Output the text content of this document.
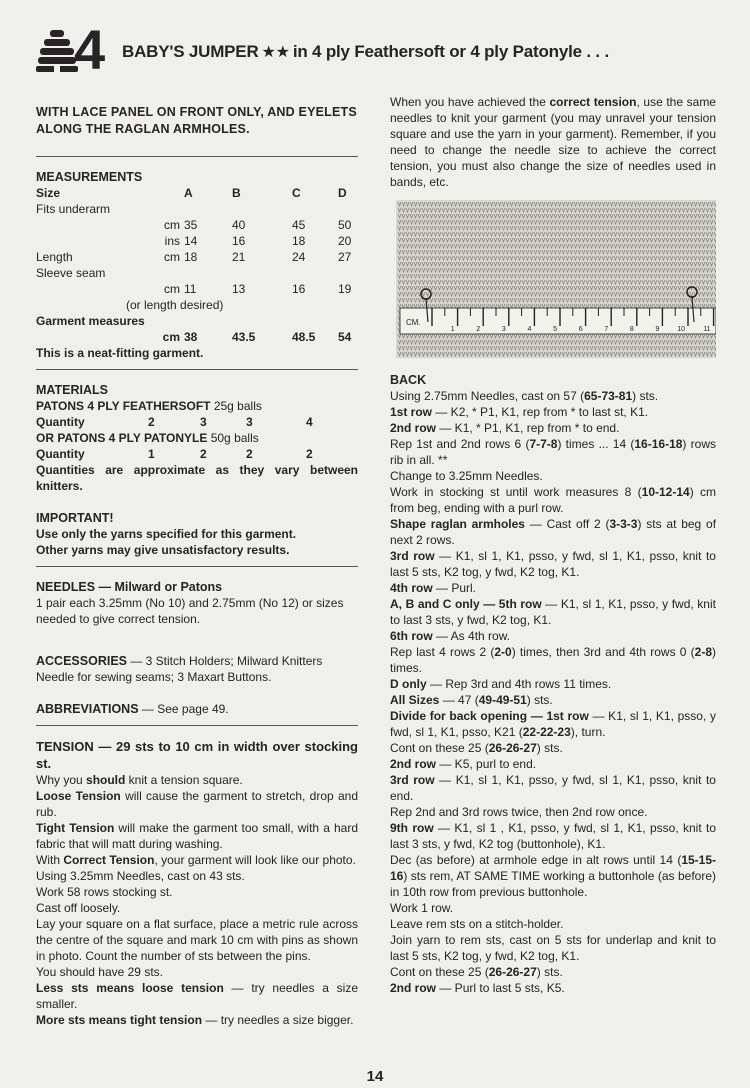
4 BABY'S JUMPER ★★ in 4 ply Feathersoft or 4 ply Patonyle . . .

WITH LACE PANEL ON FRONT ONLY, AND EYELETS ALONG THE RAGLAN ARMHOLES.

MEASUREMENTS

Size		A	B	C	D
Fits underarm					
	cm	35	40	45	50
	ins	14	16	18	20
Length	cm	18	21	24	27
Sleeve seam					
	cm	11	13	16	19
	(or length desired)				
Garment measures					
	cm	38	43.5	48.5	54

This is a neat-fitting garment.

MATERIALS

PATONS 4 PLY FEATHERSOFT 25g balls

Quantity	2	3	3	4

OR PATONS 4 PLY PATONYLE 50g balls

Quantity	1	2	2	2

Quantities are approximate as they vary between knitters.

IMPORTANT!

Use only the yarns specified for this garment.

Other yarns may give unsatisfactory results.

NEEDLES — Milward or Patons

1 pair each 3.25mm (No 10) and 2.75mm (No 12) or sizes needed to give correct tension.

ACCESSORIES — 3 Stitch Holders; Milward Knitters Needle for sewing seams; 3 Maxart Buttons.

ABBREVIATIONS — See page 49.

TENSION — 29 sts to 10 cm in width over stocking st.

Why you should knit a tension square.

Loose Tension will cause the garment to stretch, drop and rub.

Tight Tension will make the garment too small, with a hard fabric that will matt during washing.

With Correct Tension, your garment will look like our photo.

Using 3.25mm Needles, cast on 43 sts.

Work 58 rows stocking st.

Cast off loosely.

Lay your square on a flat surface, place a metric rule across the centre of the square and mark 10 cm with pins as shown in photo. Count the number of sts between the pins.

You should have 29 sts.

Less sts means loose tension — try needles a size smaller.

More sts means tight tension — try needles a size bigger.

When you have achieved the correct tension, use the same needles to knit your garment (you may unravel your tension square and use the yarn in your garment). Remember, if you need to change the needle size to achieve the correct tension, you must also change the size of needles used in bands, etc.

CM.
1	2	3	4	5	6	7	8	9	10	11

BACK

Using 2.75mm Needles, cast on 57 (65-73-81) sts.

1st row — K2, * P1, K1, rep from * to last st, K1.

2nd row — K1, * P1, K1, rep from * to end.

Rep 1st and 2nd rows 6 (7-7-8) times ... 14 (16-16-18) rows rib in all. **

Change to 3.25mm Needles.

Work in stocking st until work measures 8 (10-12-14) cm from beg, ending with a purl row.

Shape raglan armholes — Cast off 2 (3-3-3) sts at beg of next 2 rows.

3rd row — K1, sl 1, K1, psso, y fwd, sl 1, K1, psso, knit to last 5 sts, K2 tog, y fwd, K2 tog, K1.

4th row — Purl.

A, B and C only — 5th row — K1, sl 1, K1, psso, y fwd, knit to last 3 sts, y fwd, K2 tog, K1.

6th row — As 4th row.

Rep last 4 rows 2 (2-0) times, then 3rd and 4th rows 0 (2-8) times.

D only — Rep 3rd and 4th rows 11 times.

All Sizes — 47 (49-49-51) sts.

Divide for back opening — 1st row — K1, sl 1, K1, psso, y fwd, sl 1, K1, psso, K21 (22-22-23), turn.

Cont on these 25 (26-26-27) sts.

2nd row — K5, purl to end.

3rd row — K1, sl 1, K1, psso, y fwd, sl 1, K1, psso, knit to end.

Rep 2nd and 3rd rows twice, then 2nd row once.

9th row — K1, sl 1 , K1, psso, y fwd, sl 1, K1, psso, knit to last 3 sts, y fwd, K2 tog (buttonhole), K1.

Dec (as before) at armhole edge in alt rows until 14 (15-15-16) sts rem, AT SAME TIME working a buttonhole (as before) in 10th row from previous buttonhole.

Work 1 row.

Leave rem sts on a stitch-holder.

Join yarn to rem sts, cast on 5 sts for underlap and knit to last 5 sts, K2 tog, y fwd, K2 tog, K1.

Cont on these 25 (26-26-27) sts.

2nd row — Purl to last 5 sts, K5.

14
